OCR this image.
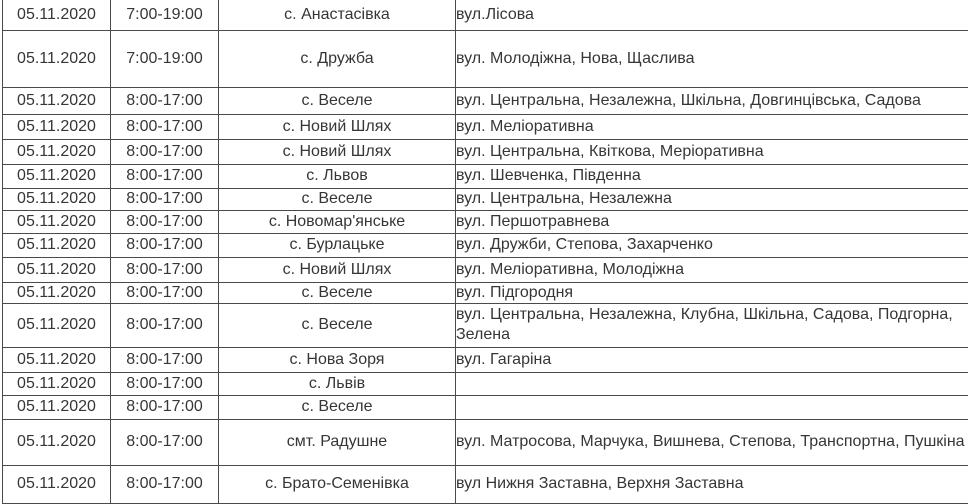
05.11.2020	7:00-19:00	с. Анастасівка	вул.Лісова
05.11.2020	7:00-19:00	с. Дружба	вул. Молодіжна, Нова, Щаслива
05.11.2020	8:00-17:00	с. Веселе	вул. Центральна, Незалежна, Шкільна, Довгинцівська, Садова
05.11.2020	8:00-17:00	с. Новий Шлях	вул. Меліоративна
05.11.2020	8:00-17:00	с. Новий Шлях	вул. Центральна, Квіткова, Меріоративна
05.11.2020	8:00-17:00	с. Львов	вул. Шевченка, Південна
05.11.2020	8:00-17:00	с. Веселе	вул. Центральна, Незалежна
05.11.2020	8:00-17:00	с. Новомар'янське	вул. Першотравнева
05.11.2020	8:00-17:00	с. Бурлацьке	вул. Дружби, Степова, Захарченко
05.11.2020	8:00-17:00	с. Новий Шлях	вул. Меліоративна, Молодіжна
05.11.2020	8:00-17:00	с. Веселе	вул. Підгородня
05.11.2020	8:00-17:00	с. Веселе	вул. Центральна, Незалежна, Клубна, Шкільна, Садова, Подгорна, Зелена
05.11.2020	8:00-17:00	с. Нова Зоря	вул. Гагаріна
05.11.2020	8:00-17:00	с. Львів	
05.11.2020	8:00-17:00	с. Веселе	
05.11.2020	8:00-17:00	смт. Радушне	вул. Матросова, Марчука, Вишнева, Степова, Транспортна, Пушкіна
05.11.2020	8:00-17:00	с. Брато-Семенівка	вул Нижня Заставна, Верхня Заставна
